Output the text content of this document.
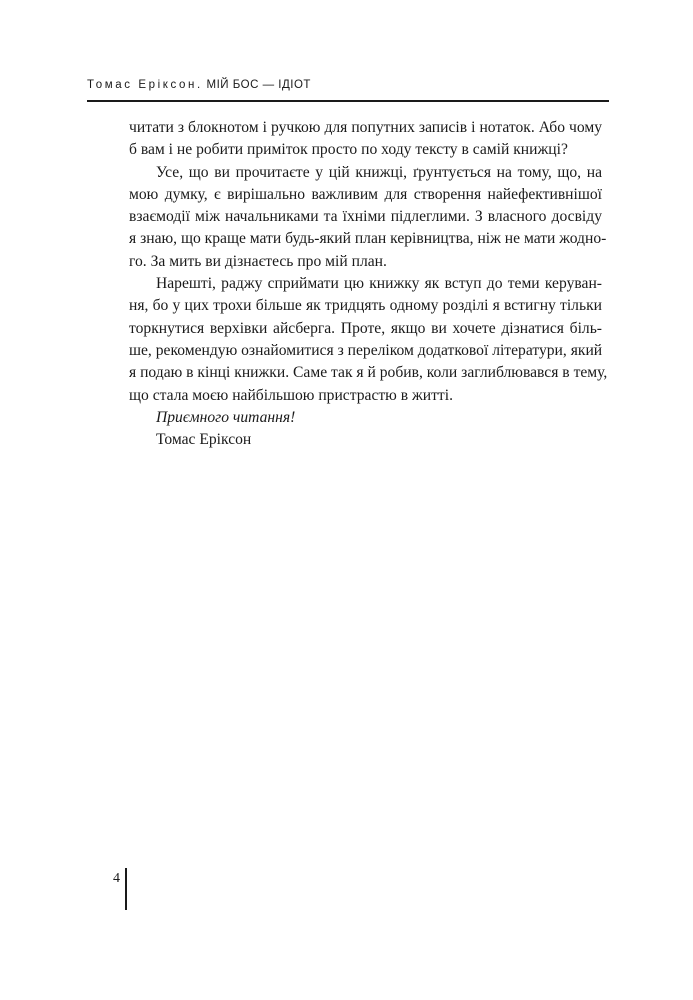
Томас Еріксон. МІЙ БОС — ІДІОТ

читати з блокнотом і ручкою для попутних записів і нотаток. Або чому
б вам і не робити приміток просто по ходу тексту в самій книжці?

Усе, що ви прочитаєте у цій книжці, ґрунтується на тому, що, на
мою думку, є вирішально важливим для створення найефективнішої
взаємодії між начальниками та їхніми підлеглими. З власного досвіду
я знаю, що краще мати будь-який план керівництва, ніж не мати жодно-
го. За мить ви дізнаєтесь про мій план.

Нарешті, раджу сприймати цю книжку як вступ до теми керуван-
ня, бо у цих трохи більше як тридцять одному розділі я встигну тільки
торкнутися верхівки айсберга. Проте, якщо ви хочете дізнатися біль-
ше, рекомендую ознайомитися з переліком додаткової літератури, який
я подаю в кінці книжки. Саме так я й робив, коли заглиблювався в тему,
що стала моєю найбільшою пристрастю в житті.

Приємного читання!

Томас Еріксон

4
